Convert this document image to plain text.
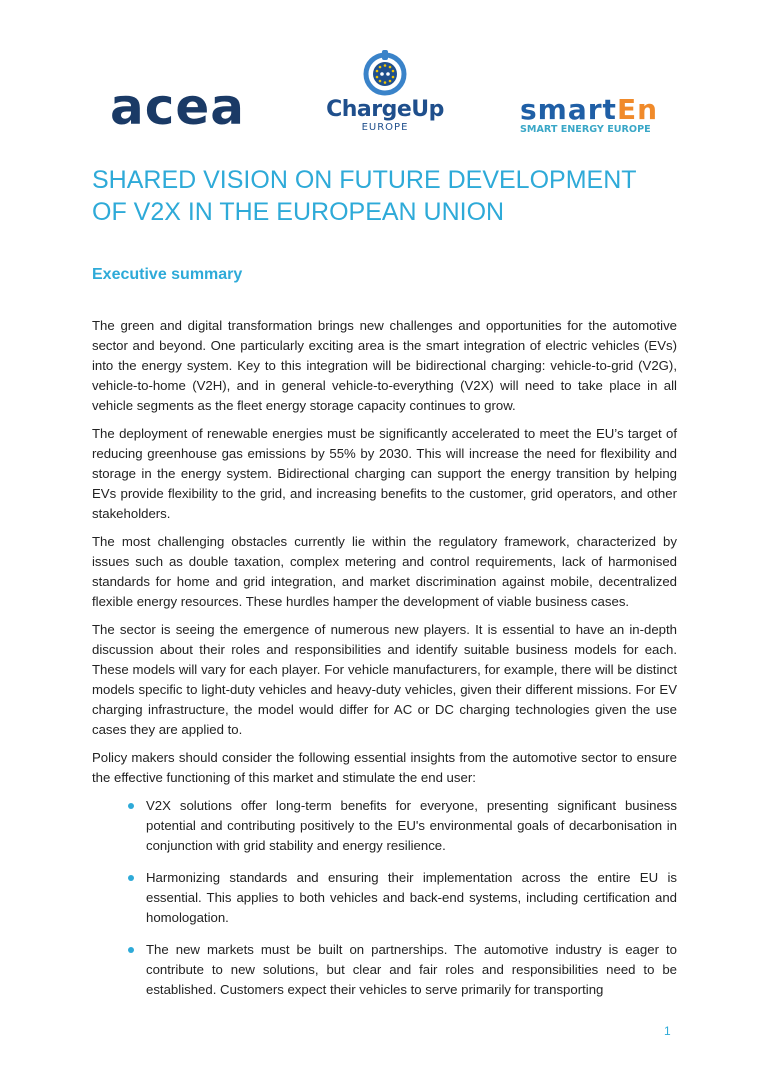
acea	ChargeUp
EUROPE
smartEn
SMART ENERGY EUROPE
SHARED VISION ON FUTURE DEVELOPMENT
OF V2X IN THE EUROPEAN UNION
Executive summary

The green and digital transformation brings new challenges and opportunities for the automotive sector and beyond. One particularly exciting area is the smart integration of electric vehicles (EVs) into the energy system. Key to this integration will be bidirectional charging: vehicle-to-grid (V2G), vehicle-to-home (V2H), and in general vehicle-to-everything (V2X) will need to take place in all vehicle segments as the fleet energy storage capacity continues to grow.

The deployment of renewable energies must be significantly accelerated to meet the EU’s target of reducing greenhouse gas emissions by 55% by 2030. This will increase the need for flexibility and storage in the energy system. Bidirectional charging can support the energy transition by helping EVs provide flexibility to the grid, and increasing benefits to the customer, grid operators, and other stakeholders.

The most challenging obstacles currently lie within the regulatory framework, characterized by issues such as double taxation, complex metering and control requirements, lack of harmonised standards for home and grid integration, and market discrimination against mobile, decentralized flexible energy resources. These hurdles hamper the development of viable business cases.

The sector is seeing the emergence of numerous new players. It is essential to have an in-depth discussion about their roles and responsibilities and identify suitable business models for each. These models will vary for each player. For vehicle manufacturers, for example, there will be distinct models specific to light-duty vehicles and heavy-duty vehicles, given their different missions. For EV charging infrastructure, the model would differ for AC or DC charging technologies given the use cases they are applied to.

Policy makers should consider the following essential insights from the automotive sector to ensure the effective functioning of this market and stimulate the end user:

V2X solutions offer long-term benefits for everyone, presenting significant business potential and contributing positively to the EU's environmental goals of decarbonisation in conjunction with grid stability and energy resilience.
Harmonizing standards and ensuring their implementation across the entire EU is essential. This applies to both vehicles and back-end systems, including certification and homologation.
The new markets must be built on partnerships. The automotive industry is eager to contribute to new solutions, but clear and fair roles and responsibilities need to be established. Customers expect their vehicles to serve primarily for transporting
1
